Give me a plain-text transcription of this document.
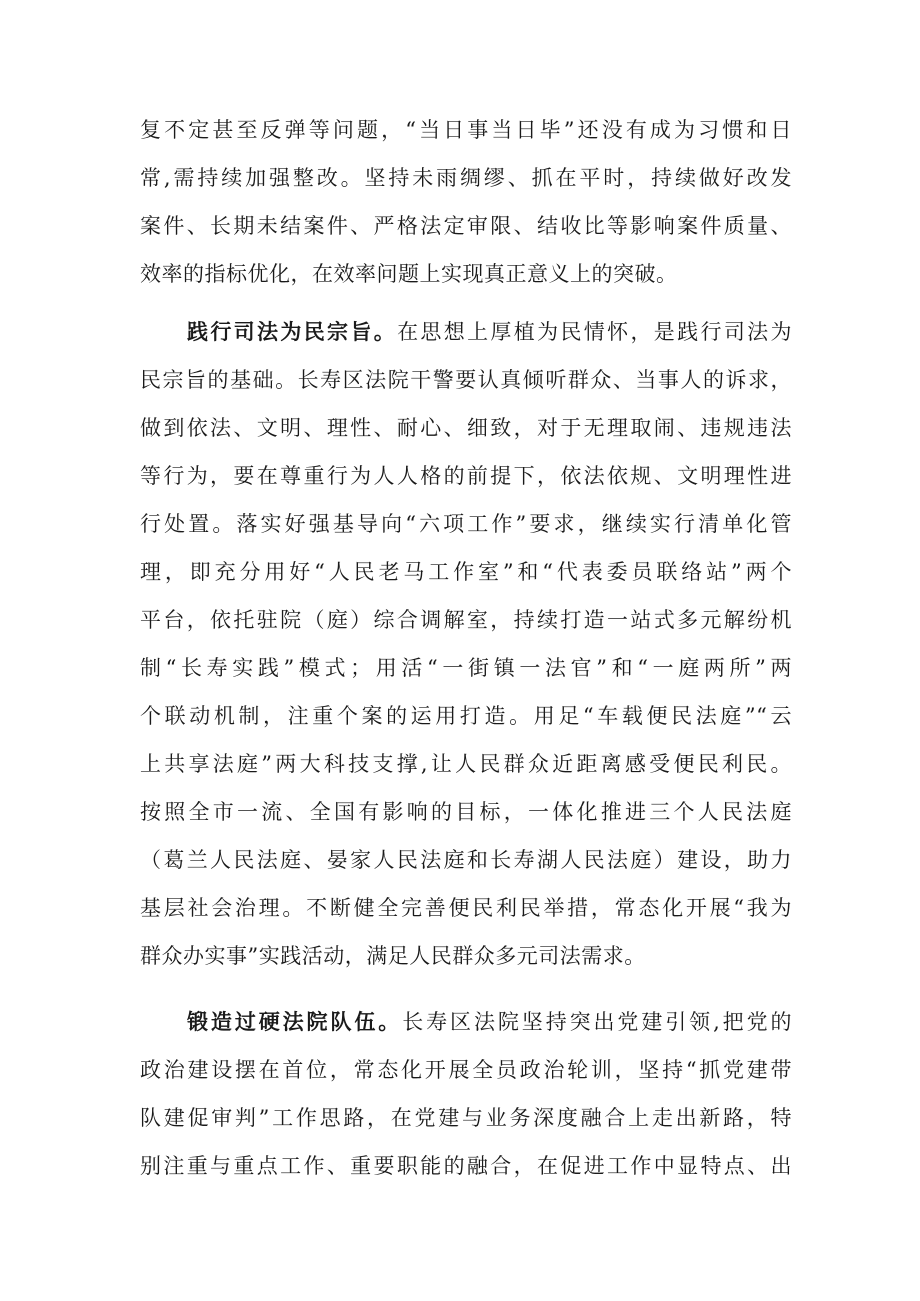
复不定甚至反弹等问题，“当日事当日毕”还没有成为习惯和日
常,需持续加强整改。坚持未雨绸缪、抓在平时，持续做好改发
案件、长期未结案件、严格法定审限、结收比等影响案件质量、
效率的指标优化，在效率问题上实现真正意义上的突破。
践行司法为民宗旨。在思想上厚植为民情怀，是践行司法为
民宗旨的基础。长寿区法院干警要认真倾听群众、当事人的诉求，
做到依法、文明、理性、耐心、细致，对于无理取闹、违规违法
等行为，要在尊重行为人人格的前提下，依法依规、文明理性进
行处置。落实好强基导向“六项工作”要求，继续实行清单化管
理，即充分用好“人民老马工作室”和“代表委员联络站”两个
平台，依托驻院（庭）综合调解室，持续打造一站式多元解纷机
制“长寿实践”模式；用活“一街镇一法官”和“一庭两所”两
个联动机制，注重个案的运用打造。用足“车载便民法庭”“云
上共享法庭”两大科技支撑,让人民群众近距离感受便民利民。
按照全市一流、全国有影响的目标，一体化推进三个人民法庭
（葛兰人民法庭、晏家人民法庭和长寿湖人民法庭）建设，助力
基层社会治理。不断健全完善便民利民举措，常态化开展“我为
群众办实事”实践活动，满足人民群众多元司法需求。
锻造过硬法院队伍。长寿区法院坚持突出党建引领,把党的
政治建设摆在首位，常态化开展全员政治轮训，坚持“抓党建带
队建促审判”工作思路，在党建与业务深度融合上走出新路，特
别注重与重点工作、重要职能的融合，在促进工作中显特点、出
